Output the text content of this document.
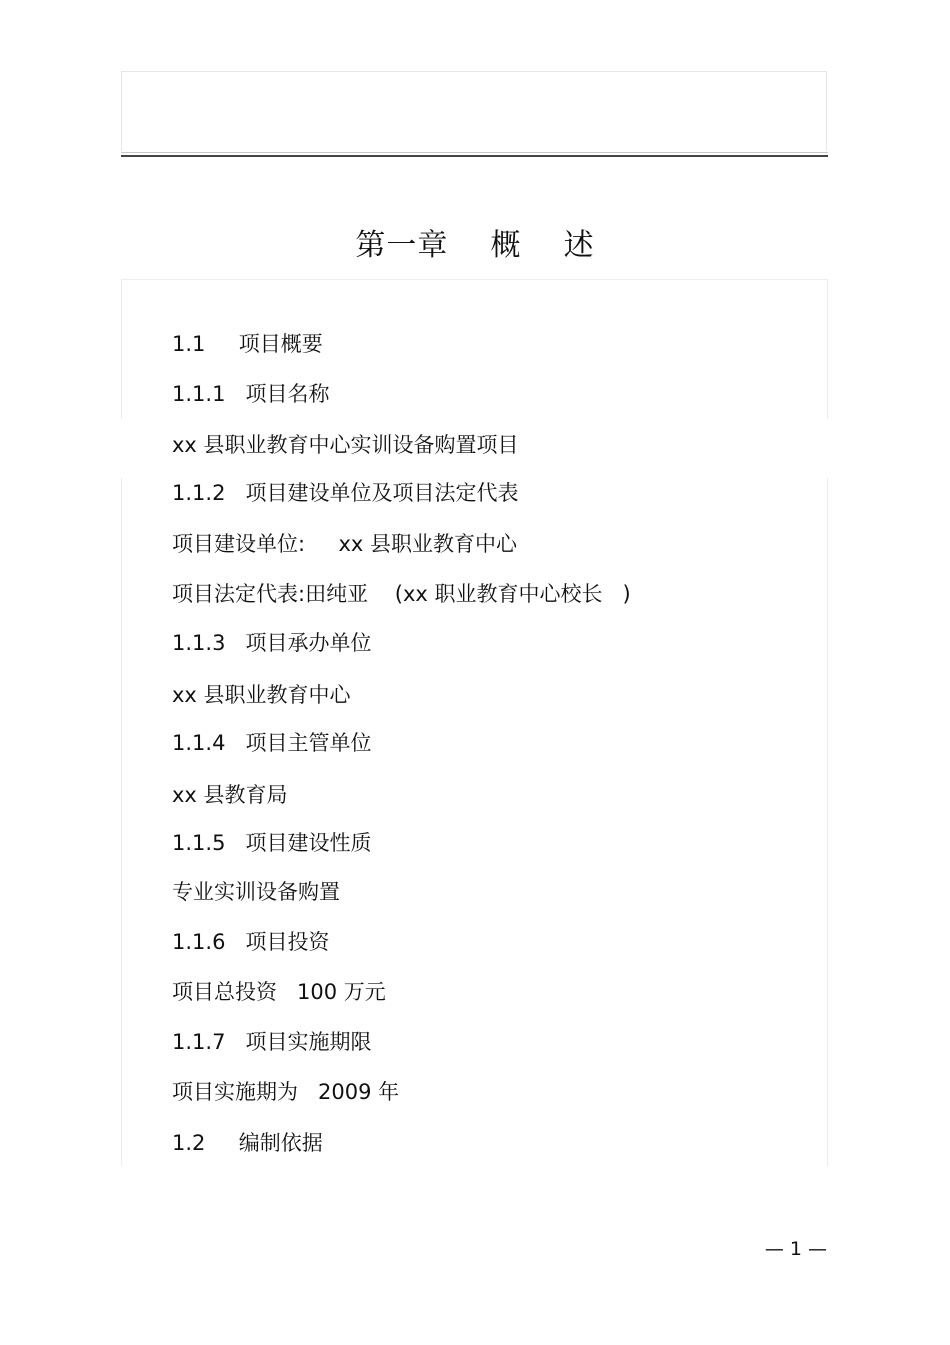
第一章    概    述
1.1     项目概要
1.1.1   项目名称
xx 县职业教育中心实训设备购置项目
1.1.2   项目建设单位及项目法定代表
项目建设单位:     xx 县职业教育中心
项目法定代表:田纯亚    (xx 职业教育中心校长   )
1.1.3   项目承办单位
xx 县职业教育中心
1.1.4   项目主管单位
xx 县教育局
1.1.5   项目建设性质
专业实训设备购置
1.1.6   项目投资
项目总投资   100 万元
1.1.7   项目实施期限
项目实施期为   2009 年
1.2     编制依据
— 1 —
